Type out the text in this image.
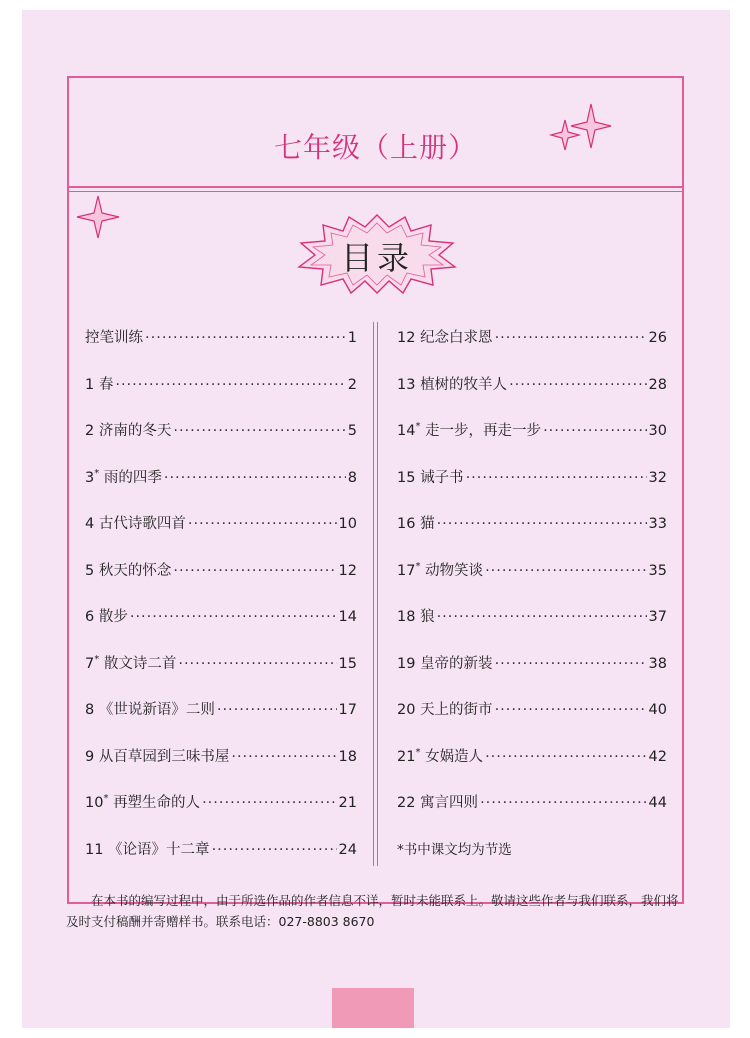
七年级（上册）
目录
控笔训练 ·····	1
1 春 ·····	2
2 济南的冬天 ·····	5
3* 雨的四季 ·····	8
4 古代诗歌四首 ·····	10
5 秋天的怀念 ·····	12
6 散步 ·····	14
7* 散文诗二首 ·····	15
8 《世说新语》二则 ·····	17
9 从百草园到三味书屋 ·····	18
10* 再塑生命的人 ·····	21
11 《论语》十二章 ·····	24
12 纪念白求恩 ·····	26
13 植树的牧羊人 ·····	28
14* 走一步，再走一步 ·····	30
15 诫子书 ·····	32
16 猫 ·····	33
17* 动物笑谈 ·····	35
18 狼 ·····	37
19 皇帝的新装 ·····	38
20 天上的街市 ·····	40
21* 女娲造人 ·····	42
22 寓言四则 ·····	44
*书中课文均为节选
在本书的编写过程中，由于所选作品的作者信息不详，暂时未能联系上。敬请这些作者与我们联系，我们将及时支付稿酬并寄赠样书。联系电话：027-8803 8670
